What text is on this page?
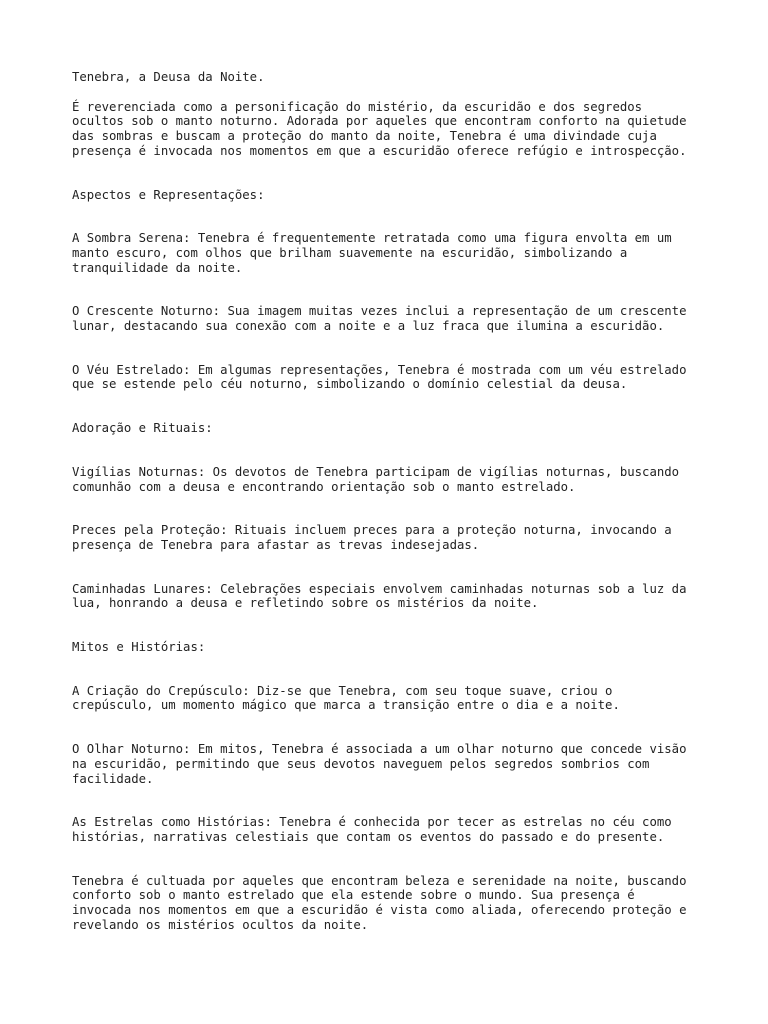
Tenebra, a Deusa da Noite.

É reverenciada como a personificação do mistério, da escuridão e dos segredos
ocultos sob o manto noturno. Adorada por aqueles que encontram conforto na quietude
das sombras e buscam a proteção do manto da noite, Tenebra é uma divindade cuja
presença é invocada nos momentos em que a escuridão oferece refúgio e introspecção.

Aspectos e Representações:

A Sombra Serena: Tenebra é frequentemente retratada como uma figura envolta em um
manto escuro, com olhos que brilham suavemente na escuridão, simbolizando a
tranquilidade da noite.

O Crescente Noturno: Sua imagem muitas vezes inclui a representação de um crescente
lunar, destacando sua conexão com a noite e a luz fraca que ilumina a escuridão.

O Véu Estrelado: Em algumas representações, Tenebra é mostrada com um véu estrelado
que se estende pelo céu noturno, simbolizando o domínio celestial da deusa.

Adoração e Rituais:

Vigílias Noturnas: Os devotos de Tenebra participam de vigílias noturnas, buscando
comunhão com a deusa e encontrando orientação sob o manto estrelado.

Preces pela Proteção: Rituais incluem preces para a proteção noturna, invocando a
presença de Tenebra para afastar as trevas indesejadas.

Caminhadas Lunares: Celebrações especiais envolvem caminhadas noturnas sob a luz da
lua, honrando a deusa e refletindo sobre os mistérios da noite.

Mitos e Histórias:

A Criação do Crepúsculo: Diz-se que Tenebra, com seu toque suave, criou o
crepúsculo, um momento mágico que marca a transição entre o dia e a noite.

O Olhar Noturno: Em mitos, Tenebra é associada a um olhar noturno que concede visão
na escuridão, permitindo que seus devotos naveguem pelos segredos sombrios com
facilidade.

As Estrelas como Histórias: Tenebra é conhecida por tecer as estrelas no céu como
histórias, narrativas celestiais que contam os eventos do passado e do presente.

Tenebra é cultuada por aqueles que encontram beleza e serenidade na noite, buscando
conforto sob o manto estrelado que ela estende sobre o mundo. Sua presença é
invocada nos momentos em que a escuridão é vista como aliada, oferecendo proteção e
revelando os mistérios ocultos da noite.
